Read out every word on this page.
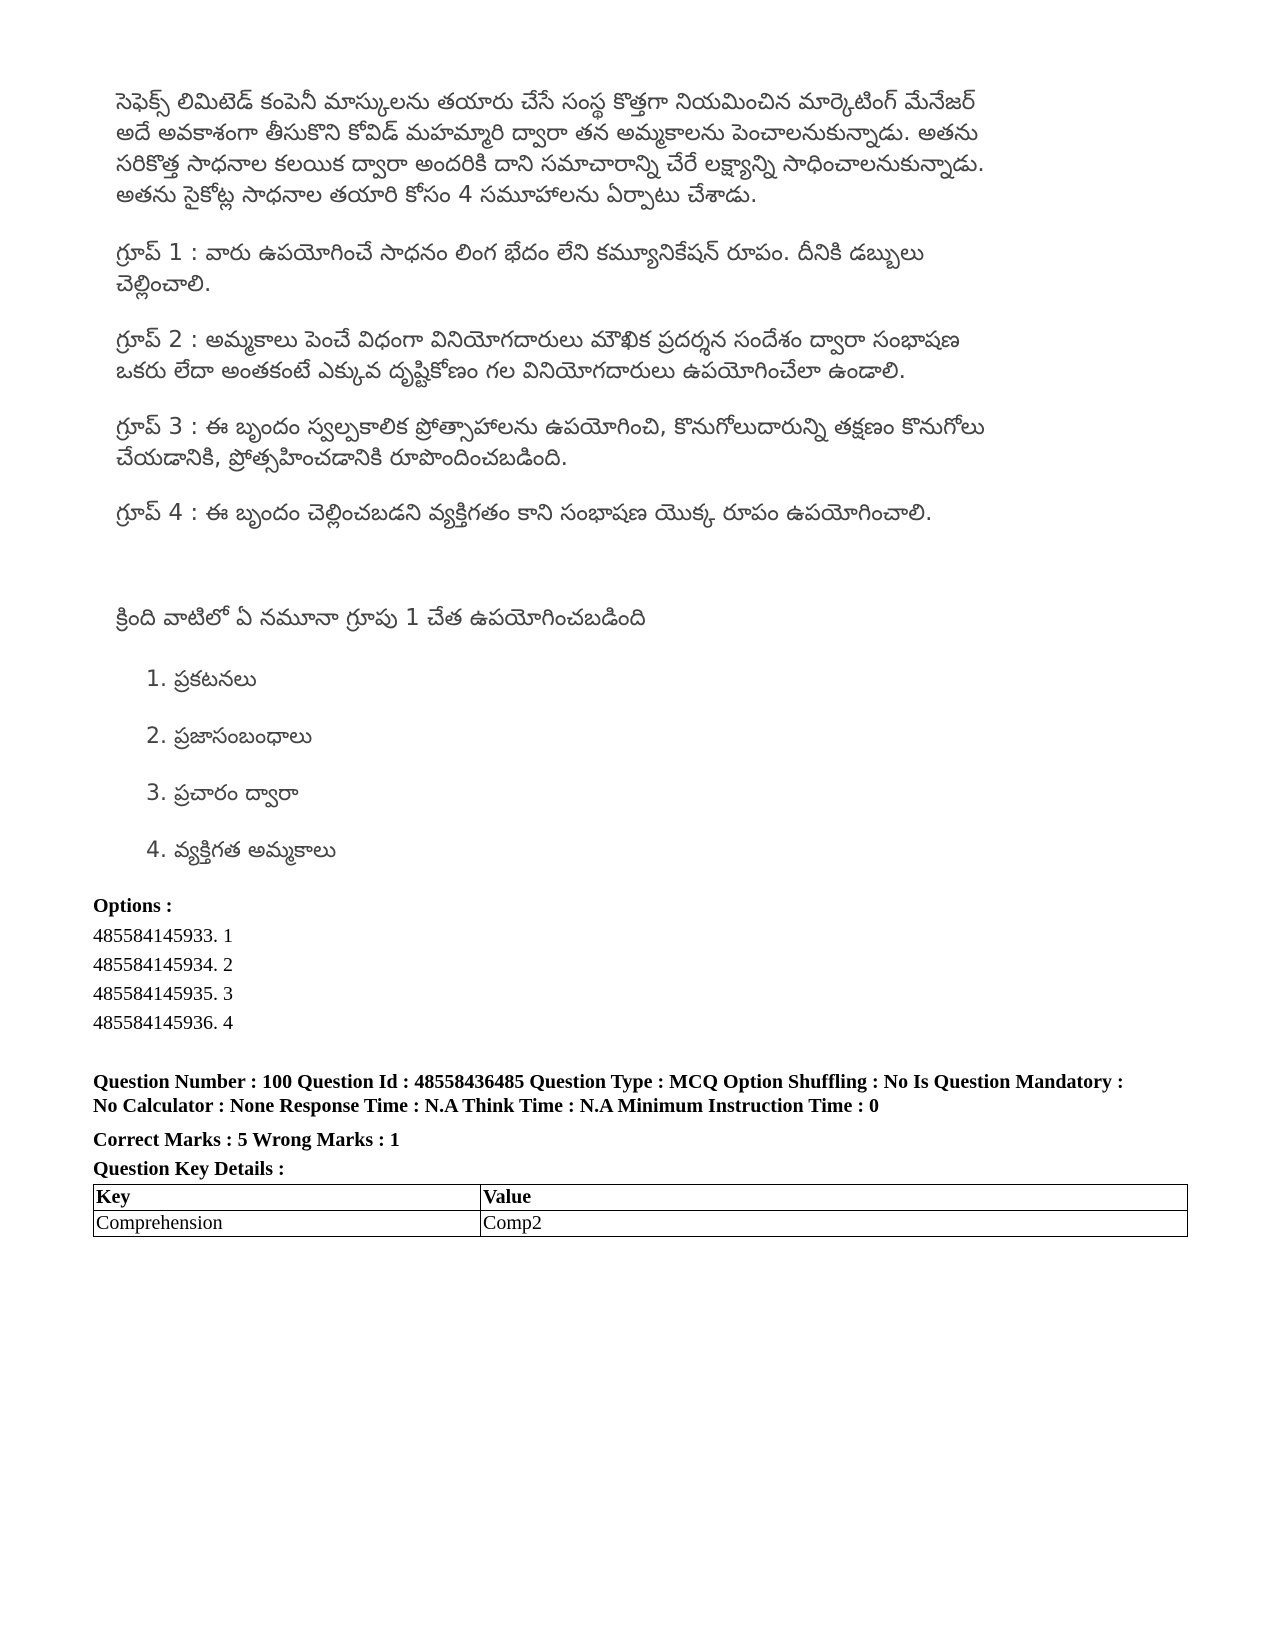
సెఫెక్స్ లిమిటెడ్ కంపెనీ మాస్కులను తయారు చేసే సంస్థ కొత్తగా నియమించిన మార్కెటింగ్ మేనేజర్

అదే అవకాశంగా తీసుకొని కోవిడ్ మహమ్మారి ద్వారా తన అమ్మకాలను పెంచాలనుకున్నాడు. అతను

సరికొత్త సాధనాల కలయిక ద్వారా అందరికి దాని సమాచారాన్ని చేరే లక్ష్యాన్ని సాధించాలనుకున్నాడు.

అతను సైకోట్ల సాధనాల తయారి కోసం 4 సమూహాలను ఏర్పాటు చేశాడు.

గ్రూప్ 1 : వారు ఉపయోగించే సాధనం లింగ భేదం లేని కమ్యూనికేషన్ రూపం. దీనికి డబ్బులు

చెల్లించాలి.

గ్రూప్ 2 : అమ్మకాలు పెంచే విధంగా వినియోగదారులు మౌఖిక ప్రదర్శన సందేశం ద్వారా సంభాషణ

ఒకరు లేదా అంతకంటే ఎక్కువ దృష్టికోణం గల వినియోగదారులు ఉపయోగించేలా ఉండాలి.

గ్రూప్ 3 : ఈ బృందం స్వల్పకాలిక ప్రోత్సాహాలను ఉపయోగించి, కొనుగోలుదారున్ని తక్షణం కొనుగోలు

చేయడానికి, ప్రోత్సహించడానికి రూపొందించబడింది.

గ్రూప్ 4 : ఈ బృందం చెల్లించబడని వ్యక్తిగతం కాని సంభాషణ యొక్క రూపం ఉపయోగించాలి.

క్రింది వాటిలో ఏ నమూనా గ్రూపు 1 చేత ఉపయోగించబడింది
1. ప్రకటనలు
2. ప్రజాసంబంధాలు
3. ప్రచారం ద్వారా
4. వ్యక్తిగత అమ్మకాలు
Options :
485584145933. 1
485584145934. 2
485584145935. 3
485584145936. 4
Question Number : 100 Question Id : 48558436485 Question Type : MCQ Option Shuffling : No Is Question Mandatory :
No Calculator : None Response Time : N.A Think Time : N.A Minimum Instruction Time : 0
Correct Marks : 5 Wrong Marks : 1
Question Key Details :
Key	Value
Comprehension	Comp2
